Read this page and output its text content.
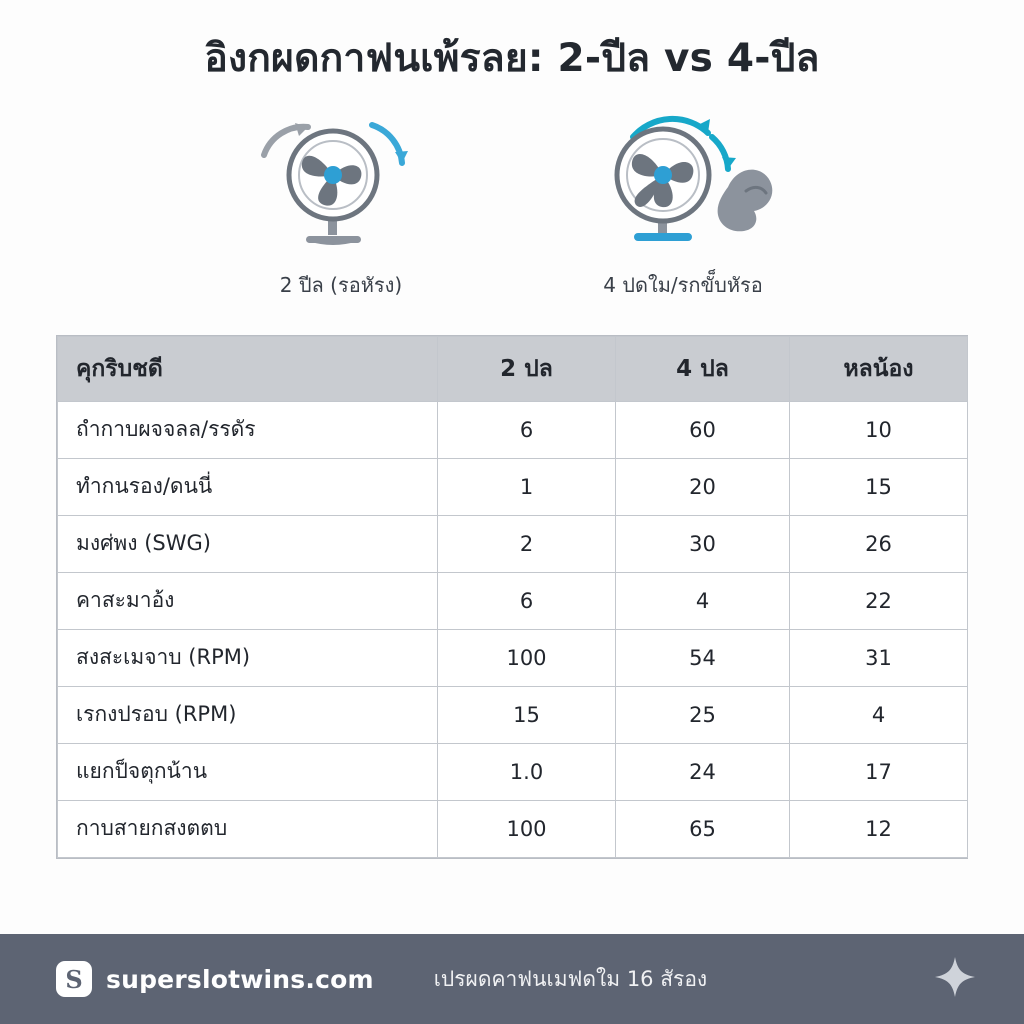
อิงกผดกาฟนเพ้รลย: 2-ปีล vs 4-ปีล
2 ปีล (รอหัรง)	4 ปดใม/รกขั็บหัรอ
คุกริบชดี	2 ปล	4 ปล	หลน้อง
ถำกาบผจจลล/รรดัร	6	60	10
ทำกนรอง/ดนนี่	1	20	15
มงศ่พง (SWG)	2	30	26
คาสะมาอ้ง	6	4	22
สงสะเมจาบ (RPM)	100	54	31
เรกงปรอบ (RPM)	15	25	4
แยกป็จตุกน้าน	1.0	24	17
กาบสายกสงตตบ	100	65	12
S superslotwins.com	เปรผดคาฟนเมฟดใม 16 สัรอง
